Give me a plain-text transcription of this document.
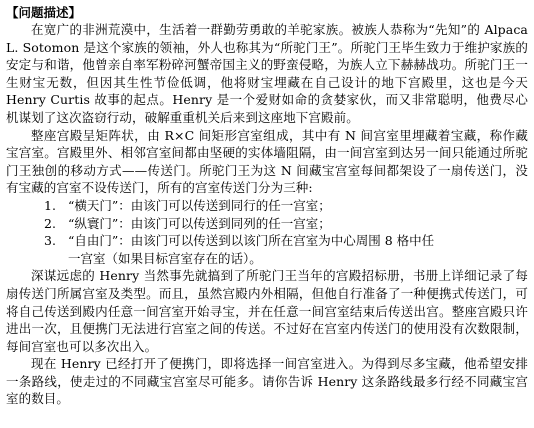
【问题描述】

在宽广的非洲荒漠中，生活着一群勤劳勇敢的羊驼家族。被族人恭称为“先知”的 Alpaca L. Sotomon 是这个家族的领袖，外人也称其为“所驼门王”。所驼门王毕生致力于维护家族的安定与和谐，他曾亲自率军粉碎河蟹帝国主义的野蛮侵略，为族人立下赫赫战功。所驼门王一生财宝无数，但因其生性节俭低调，他将财宝埋藏在自己设计的地下宫殿里，这也是今天 Henry Curtis 故事的起点。Henry 是一个爱财如命的贪婪家伙，而又非常聪明，他费尽心机谋划了这次盗窃行动，破解重重机关后来到这座地下宫殿前。

整座宫殿呈矩阵状，由 R×C 间矩形宫室组成，其中有 N 间宫室里埋藏着宝藏，称作藏宝宫室。宫殿里外、相邻宫室间都由坚硬的实体墙阻隔，由一间宫室到达另一间只能通过所驼门王独创的移动方式——传送门。所驼门王为这 N 间藏宝宫室每间都架设了一扇传送门，没有宝藏的宫室不设传送门，所有的宫室传送门分为三种:

1. “横天门”：由该门可以传送到同行的任一宫室；
2. “纵寰门”：由该门可以传送到同列的任一宫室；
3. “自由门”：由该门可以传送到以该门所在宫室为中心周围 8 格中任
一宫室（如果目标宫室存在的话）。

深谋远虑的 Henry 当然事先就搞到了所驼门王当年的宫殿招标册，书册上详细记录了每扇传送门所属宫室及类型。而且，虽然宫殿内外相隔，但他自行准备了一种便携式传送门，可将自己传送到殿内任意一间宫室开始寻宝，并在任意一间宫室结束后传送出宫。整座宫殿只许进出一次，且便携门无法进行宫室之间的传送。不过好在宫室内传送门的使用没有次数限制，每间宫室也可以多次出入。

现在 Henry 已经打开了便携门，即将选择一间宫室进入。为得到尽多宝藏，他希望安排一条路线，使走过的不同藏宝宫室尽可能多。请你告诉 Henry 这条路线最多行经不同藏宝宫室的数目。
